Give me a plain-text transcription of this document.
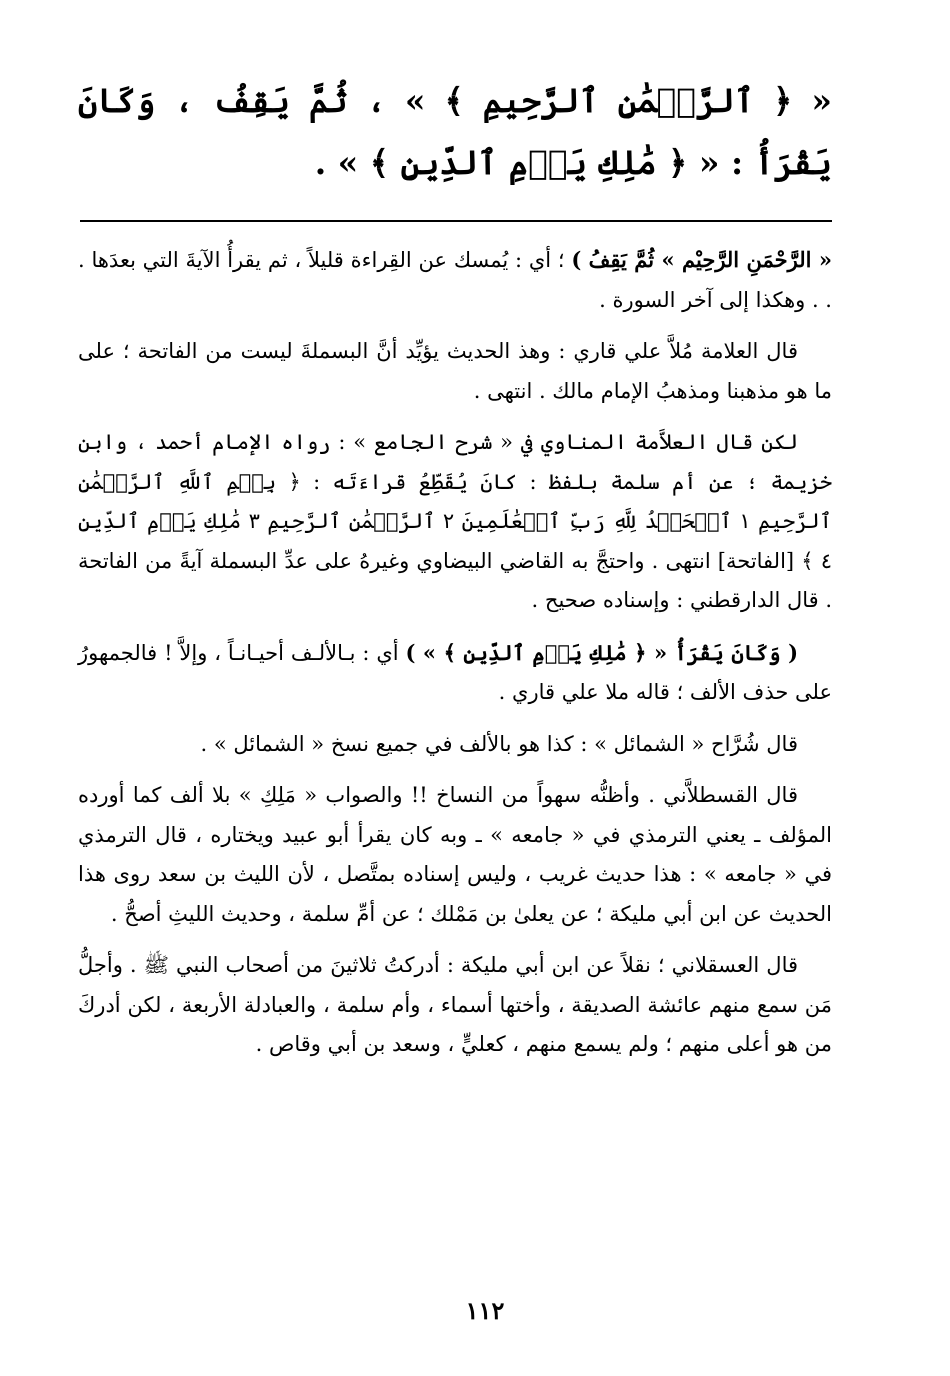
« ﴿ ٱلرَّحۡمَٰنِ ٱلرَّحِيمِ ﴾ » ، ثُمَّ يَقِفُ ، وَكَانَ يَقْرَأُ : « ﴿ مَٰلِكِ يَوۡمِ ٱلدِّينِ ﴾ » .

« الرَّحْمَنِ الرَّحِيْم » ثُمَّ يَقِفُ ) ؛ أي : يُمسك عن القِراءة قليلاً ، ثم يقرأُ الآيةَ التي بعدَها . . . وهكذا إلى آخر السورة .

قال العلامة مُلاَّ علي قاري : وهذ الحديث يؤيِّد أنَّ البسملةَ ليست من الفاتحة ؛ على ما هو مذهبنا ومذهبُ الإمام مالك . انتهى .

لكن قال العلاَّمة المناوي في « شرح الجامع » : رواه الإمام أحمد ، وابن خزيمة ؛ عن أم سلمة بلفظ : كانَ يُقَطِّعُ قراءَتَه : ﴿ بِسۡمِ ٱللَّهِ ٱلرَّحۡمَٰنِ ٱلرَّحِيمِ ١ ٱلۡحَمۡدُ لِلَّهِ رَبِّ ٱلۡعَٰلَمِينَ ٢ ٱلرَّحۡمَٰنِ ٱلرَّحِيمِ ٣ مَٰلِكِ يَوۡمِ ٱلدِّينِ ٤ ﴾ [الفاتحة] انتهى . واحتجَّ به القاضي البيضاوي وغيرهُ على عدِّ البسملة آيةً من الفاتحة . قال الدارقطني : وإسناده صحيح .

( وَكَانَ يَقْرَأُ « ﴿ مَٰلِكِ يَوۡمِ ٱلدِّينِ ﴾ » ) أي : بـالألـف أحيـانـاً ، وإلاَّ ! فالجمهورُ على حذف الألف ؛ قاله ملا علي قاري .

قال شُرَّاح « الشمائل » : كذا هو بالألف في جميع نسخ « الشمائل » .

قال القسطلاَّني . وأظنُّه سهواً من النساخ !! والصواب « مَلِكِ » بلا ألف كما أورده المؤلف ـ يعني الترمذي في « جامعه » ـ وبه كان يقرأ أبو عبيد ويختاره ، قال الترمذي في « جامعه » : هذا حديث غريب ، وليس إسناده بمتَّصل ، لأن الليث بن سعد روى هذا الحديث عن ابن أبي مليكة ؛ عن يعلىٰ بن مَمْلك ؛ عن أمِّ سلمة ، وحديث الليثِ أصحُّ .

قال العسقلاني ؛ نقلاً عن ابن أبي مليكة : أدركتُ ثلاثينَ من أصحاب النبي ﷺ . وأجلُّ مَن سمع منهم عائشة الصديقة ، وأختها أسماء ، وأم سلمة ، والعبادلة الأربعة ، لكن أدركَ من هو أعلى منهم ؛ ولم يسمع منهم ، كعليٍّ ، وسعد بن أبي وقاص .

١١٢
